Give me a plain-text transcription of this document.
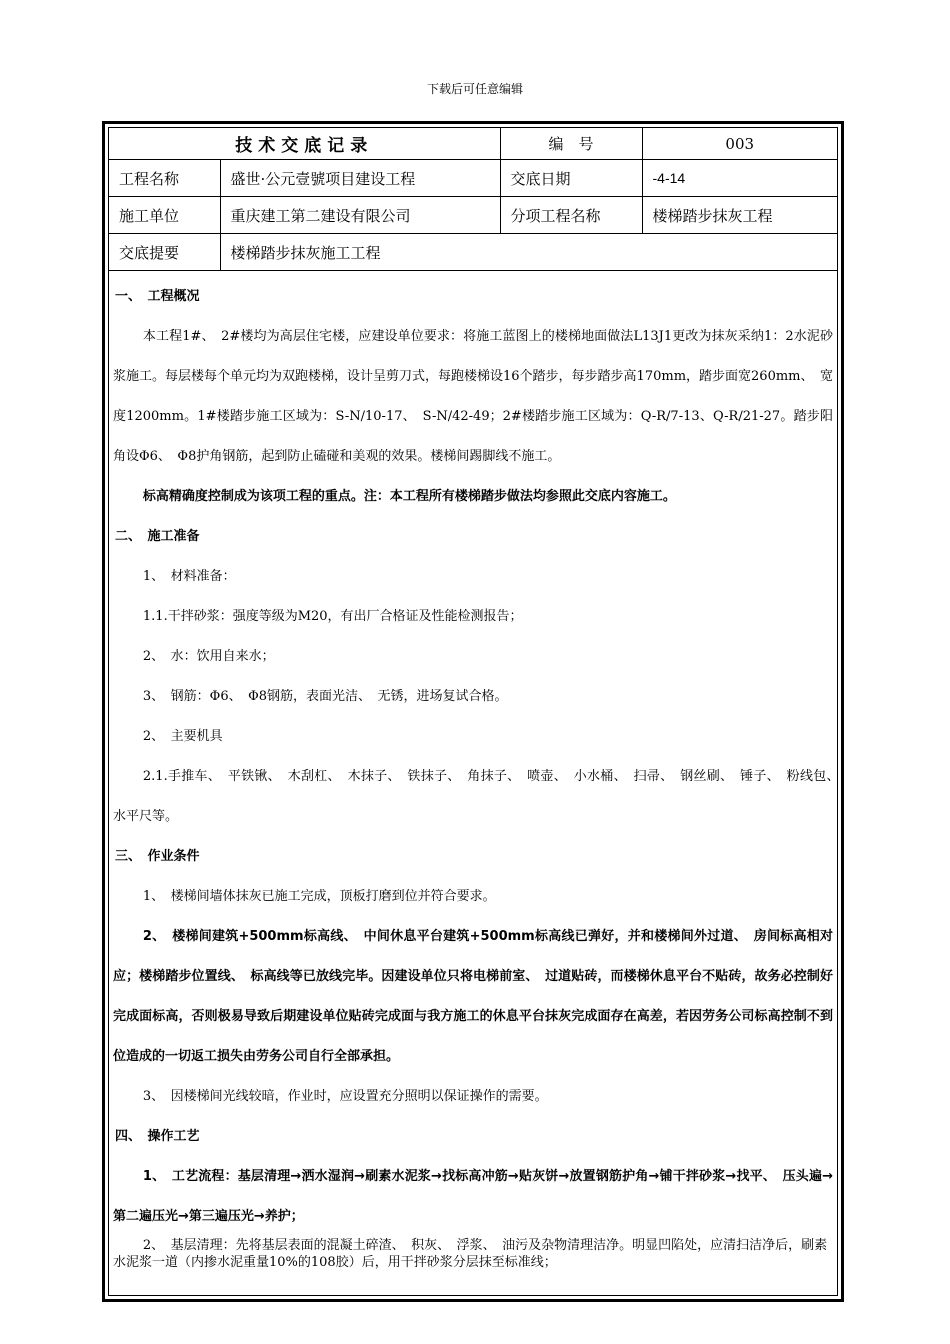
下载后可任意编辑
技术交底记录		编　号	003
工程名称	盛世·公元壹號项目建设工程	交底日期	-4-14
施工单位	重庆建工第二建设有限公司	分项工程名称	楼梯踏步抹灰工程
交底提要	楼梯踏步抹灰施工工程		

一、　工程概况

本工程1#、　2#楼均为高层住宅楼，应建设单位要求：将施工蓝图上的楼梯地面做法L13J1更改为抹灰采纳1：2水泥砂浆施工。每层楼每个单元均为双跑楼梯，设计呈剪刀式，每跑楼梯设16个踏步，每步踏步高170mm，踏步面宽260mm、　宽度1200mm。1#楼踏步施工区域为：S-N/10-17、　S-N/42-49；2#楼踏步施工区域为：Q-R/7-13、Q-R/21-27。踏步阳角设Φ6、　Φ8护角钢筋，起到防止磕碰和美观的效果。楼梯间踢脚线不施工。

标高精确度控制成为该项工程的重点。注：本工程所有楼梯踏步做法均参照此交底内容施工。

二、　施工准备

1、　材料准备：

1.1.干拌砂浆：强度等级为M20，有出厂合格证及性能检测报告；

2、　水：饮用自来水；

3、　钢筋：Φ6、　Φ8钢筋，表面光洁、　无锈，进场复试合格。

2、　主要机具

2.1.手推车、　平铁锹、　木刮杠、　木抹子、　铁抹子、　角抹子、　喷壶、　小水桶、　扫帚、　钢丝刷、　锤子、　粉线包、　水平尺等。

三、　作业条件

1、　楼梯间墙体抹灰已施工完成，顶板打磨到位并符合要求。

2、　楼梯间建筑+500mm标高线、　中间休息平台建筑+500mm标高线已弹好，并和楼梯间外过道、　房间标高相对应；楼梯踏步位置线、　标高线等已放线完毕。因建设单位只将电梯前室、　过道贴砖，而楼梯休息平台不贴砖，故务必控制好完成面标高，否则极易导致后期建设单位贴砖完成面与我方施工的休息平台抹灰完成面存在高差，若因劳务公司标高控制不到位造成的一切返工损失由劳务公司自行全部承担。

3、　因楼梯间光线较暗，作业时，应设置充分照明以保证操作的需要。

四、　操作工艺

1、　工艺流程：基层清理→洒水湿润→刷素水泥浆→找标高冲筋→贴灰饼→放置钢筋护角→铺干拌砂浆→找平、　压头遍→第二遍压光→第三遍压光→养护；

2、　基层清理：先将基层表面的混凝土碎渣、　积灰、　浮浆、　油污及杂物清理洁净。明显凹陷处，应清扫洁净后，刷素水泥浆一道（内掺水泥重量10%的108胶）后，用干拌砂浆分层抹至标准线；
